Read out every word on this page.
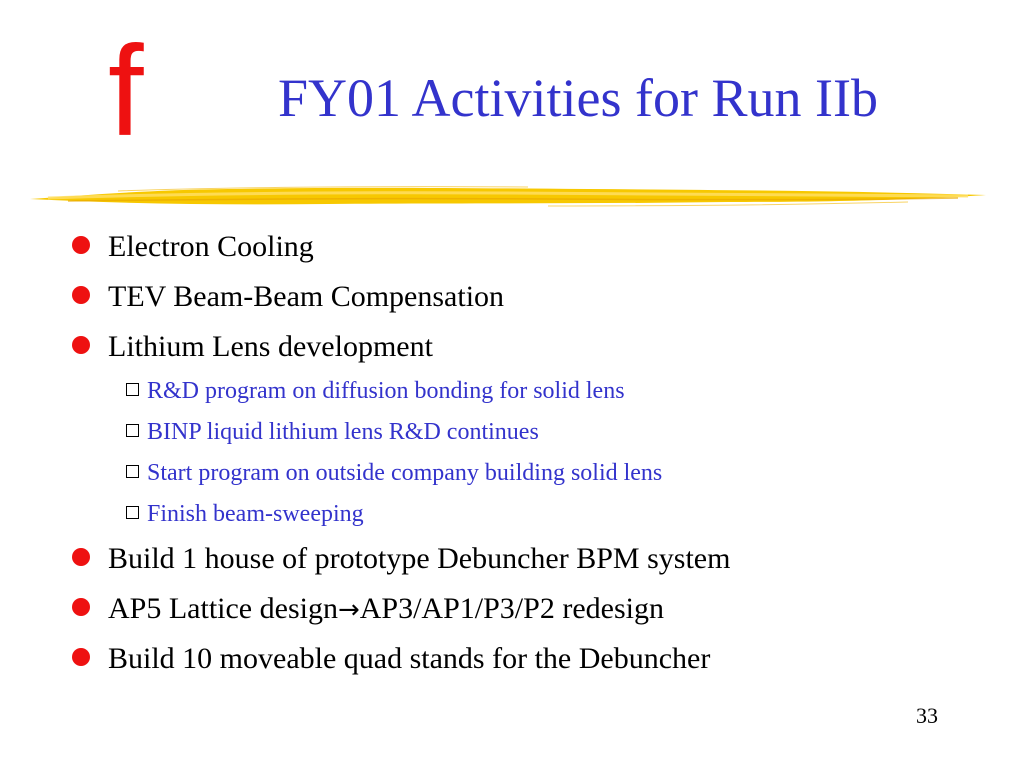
f FY01 Activities for Run IIb
Electron Cooling
TEV Beam-Beam Compensation
Lithium Lens development
R&D program on diffusion bonding for solid lens
BINP liquid lithium lens R&D continues
Start program on outside company building solid lens
Finish beam-sweeping
Build 1 house of prototype Debuncher BPM system
AP5 Lattice design→AP3/AP1/P3/P2 redesign
Build 10 moveable quad stands for the Debuncher
33
